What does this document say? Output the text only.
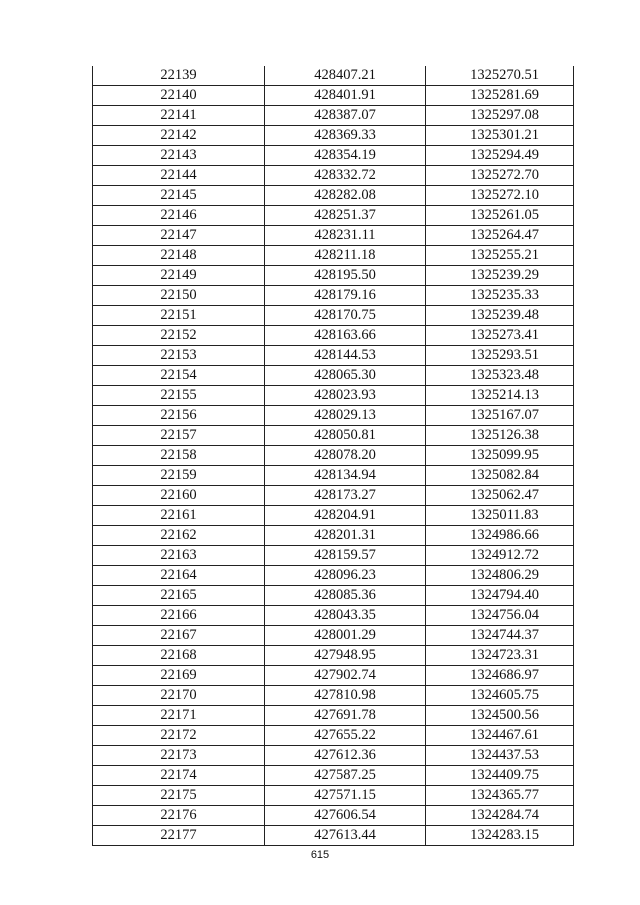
22139	428407.21	1325270.51
22140	428401.91	1325281.69
22141	428387.07	1325297.08
22142	428369.33	1325301.21
22143	428354.19	1325294.49
22144	428332.72	1325272.70
22145	428282.08	1325272.10
22146	428251.37	1325261.05
22147	428231.11	1325264.47
22148	428211.18	1325255.21
22149	428195.50	1325239.29
22150	428179.16	1325235.33
22151	428170.75	1325239.48
22152	428163.66	1325273.41
22153	428144.53	1325293.51
22154	428065.30	1325323.48
22155	428023.93	1325214.13
22156	428029.13	1325167.07
22157	428050.81	1325126.38
22158	428078.20	1325099.95
22159	428134.94	1325082.84
22160	428173.27	1325062.47
22161	428204.91	1325011.83
22162	428201.31	1324986.66
22163	428159.57	1324912.72
22164	428096.23	1324806.29
22165	428085.36	1324794.40
22166	428043.35	1324756.04
22167	428001.29	1324744.37
22168	427948.95	1324723.31
22169	427902.74	1324686.97
22170	427810.98	1324605.75
22171	427691.78	1324500.56
22172	427655.22	1324467.61
22173	427612.36	1324437.53
22174	427587.25	1324409.75
22175	427571.15	1324365.77
22176	427606.54	1324284.74
22177	427613.44	1324283.15
615
